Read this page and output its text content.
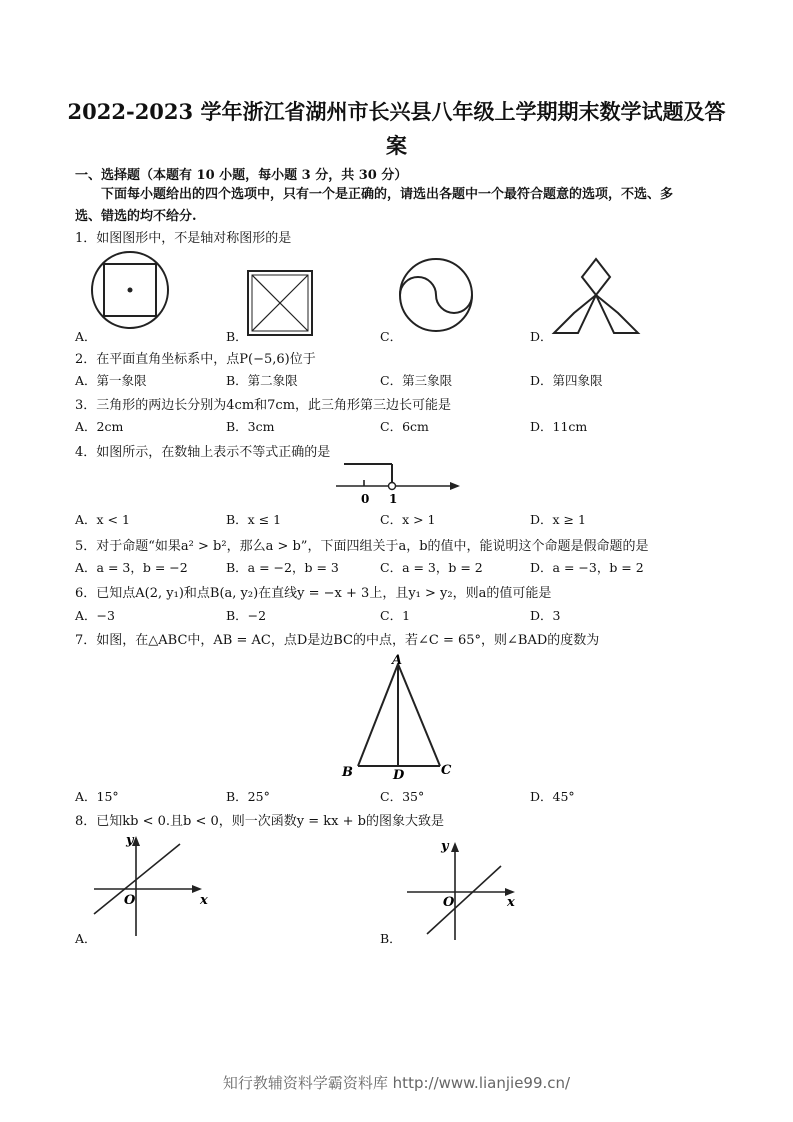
2022-2023 学年浙江省湖州市长兴县八年级上学期期末数学试题及答
案
一、选择题（本题有 10 小题，每小题 3 分，共 30 分）
下面每小题给出的四个选项中，只有一个是正确的，请选出各题中一个最符合题意的选项，不选、多
选、错选的均不给分.
1．如图图形中，不是轴对称图形的是
A．	B．	C．	D．
2．在平面直角坐标系中，点P(−5,6)位于
A．第一象限	B．第二象限	C．第三象限	D．第四象限
3．三角形的两边长分别为4cm和7cm，此三角形第三边长可能是
A．2cm	B．3cm	C．6cm	D．11cm
4．如图所示，在数轴上表示不等式正确的是
0 1
A．x < 1	B．x ≤ 1	C．x > 1	D．x ≥ 1
5．对于命题“如果a² > b²，那么a > b”，下面四组关于a，b的值中，能说明这个命题是假命题的是
A．a = 3，b = −2	B．a = −2，b = 3	C．a = 3，b = 2	D．a = −3，b = 2
6．已知点A(2, y₁)和点B(a, y₂)在直线y = −x + 3上，且y₁ > y₂，则a的值可能是
A．−3	B．−2	C．1	D．3
7．如图，在△ABC中，AB = AC，点D是边BC的中点，若∠C = 65°，则∠BAD的度数为
A
B	C
D
A．15°	B．25°	C．35°	D．45°
8．已知kb < 0.且b < 0，则一次函数y = kx + b的图象大致是
y
x
O
A．
y
x
O
B．
知行教辅资料学霸资料库 http://www.lianjie99.cn/
